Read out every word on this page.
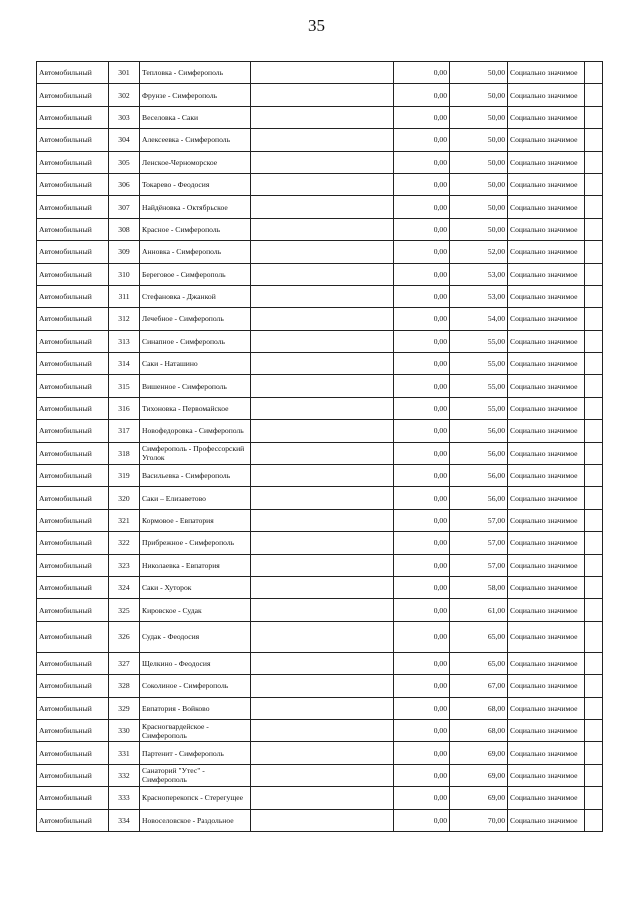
35
Автомобильный	301	Тепловка - Симферополь		0,00	50,00	Социально значимое	
Автомобильный	302	Фрунзе - Симферополь		0,00	50,00	Социально значимое	
Автомобильный	303	Веселовка - Саки		0,00	50,00	Социально значимое	
Автомобильный	304	Алексеевка - Симферополь		0,00	50,00	Социально значимое	
Автомобильный	305	Ленское-Черноморское		0,00	50,00	Социально значимое	
Автомобильный	306	Токарево - Феодосия		0,00	50,00	Социально значимое	
Автомобильный	307	Найдёновка - Октябрьское		0,00	50,00	Социально значимое	
Автомобильный	308	Красное - Симферополь		0,00	50,00	Социально значимое	
Автомобильный	309	Анновка - Симферополь		0,00	52,00	Социально значимое	
Автомобильный	310	Береговое - Симферополь		0,00	53,00	Социально значимое	
Автомобильный	311	Стефановка - Джанкой		0,00	53,00	Социально значимое	
Автомобильный	312	Лечебное - Симферополь		0,00	54,00	Социально значимое	
Автомобильный	313	Синапное - Симферополь		0,00	55,00	Социально значимое	
Автомобильный	314	Саки - Наташино		0,00	55,00	Социально значимое	
Автомобильный	315	Вишенное - Симферополь		0,00	55,00	Социально значимое	
Автомобильный	316	Тихоновка - Первомайское		0,00	55,00	Социально значимое	
Автомобильный	317	Новофедоровка - Симферополь		0,00	56,00	Социально значимое	
Автомобильный	318	Симферополь - Профессорский Уголок		0,00	56,00	Социально значимое	
Автомобильный	319	Васильевка - Симферополь		0,00	56,00	Социально значимое	
Автомобильный	320	Саки – Елизаветово		0,00	56,00	Социально значимое	
Автомобильный	321	Кормовое - Евпатория		0,00	57,00	Социально значимое	
Автомобильный	322	Прибрежное - Симферополь		0,00	57,00	Социально значимое	
Автомобильный	323	Николаевка - Евпатория		0,00	57,00	Социально значимое	
Автомобильный	324	Саки - Хуторок		0,00	58,00	Социально значимое	
Автомобильный	325	Кировское - Судак		0,00	61,00	Социально значимое	
Автомобильный	326	Судак - Феодосия		0,00	65,00	Социально значимое	
Автомобильный	327	Щелкино - Феодосия		0,00	65,00	Социально значимое	
Автомобильный	328	Соколиное - Симферополь		0,00	67,00	Социально значимое	
Автомобильный	329	Евпатория - Войково		0,00	68,00	Социально значимое	
Автомобильный	330	Красногвардейское - Симферополь		0,00	68,00	Социально значимое	
Автомобильный	331	Партенит - Симферополь		0,00	69,00	Социально значимое	
Автомобильный	332	Санаторий "Утес" - Симферополь		0,00	69,00	Социально значимое	
Автомобильный	333	Краснoперекопск - Стерегущее		0,00	69,00	Социально значимое	
Автомобильный	334	Новоселовское - Раздольное		0,00	70,00	Социально значимое	
